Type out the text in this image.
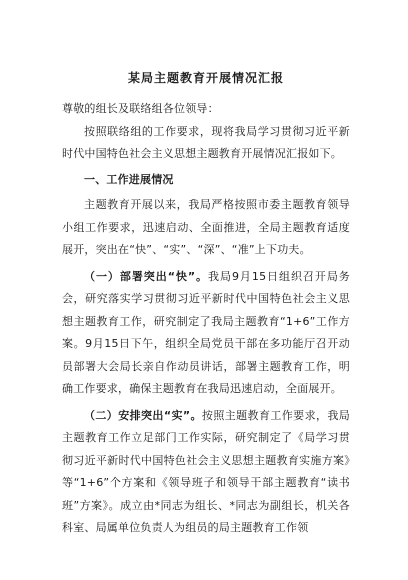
某局主题教育开展情况汇报

尊敬的组长及联络组各位领导：

按照联络组的工作要求，现将我局学习贯彻习近平新时代中国特色社会主义思想主题教育开展情况汇报如下。

一、工作进展情况

主题教育开展以来，我局严格按照市委主题教育领导小组工作要求，迅速启动、全面推进，全局主题教育适度展开，突出在“快”、“实”、“深”、“准”上下功夫。

（一）部署突出“快”。我局9月15日组织召开局务会，研究落实学习贯彻习近平新时代中国特色社会主义思想主题教育工作，研究制定了我局主题教育“1+6”工作方案。9月15日下午，组织全局党员干部在多功能厅召开动员部署大会局长亲自作动员讲话，部署主题教育工作，明确工作要求，确保主题教育在我局迅速启动，全面展开。

（二）安排突出“实”。按照主题教育工作要求，我局主题教育工作立足部门工作实际，研究制定了《局学习贯彻习近平新时代中国特色社会主义思想主题教育实施方案》等“1+6”个方案和《领导班子和领导干部主题教育“读书班”方案》。成立由*同志为组长、*同志为副组长，机关各科室、局属单位负责人为组员的局主题教育工作领
